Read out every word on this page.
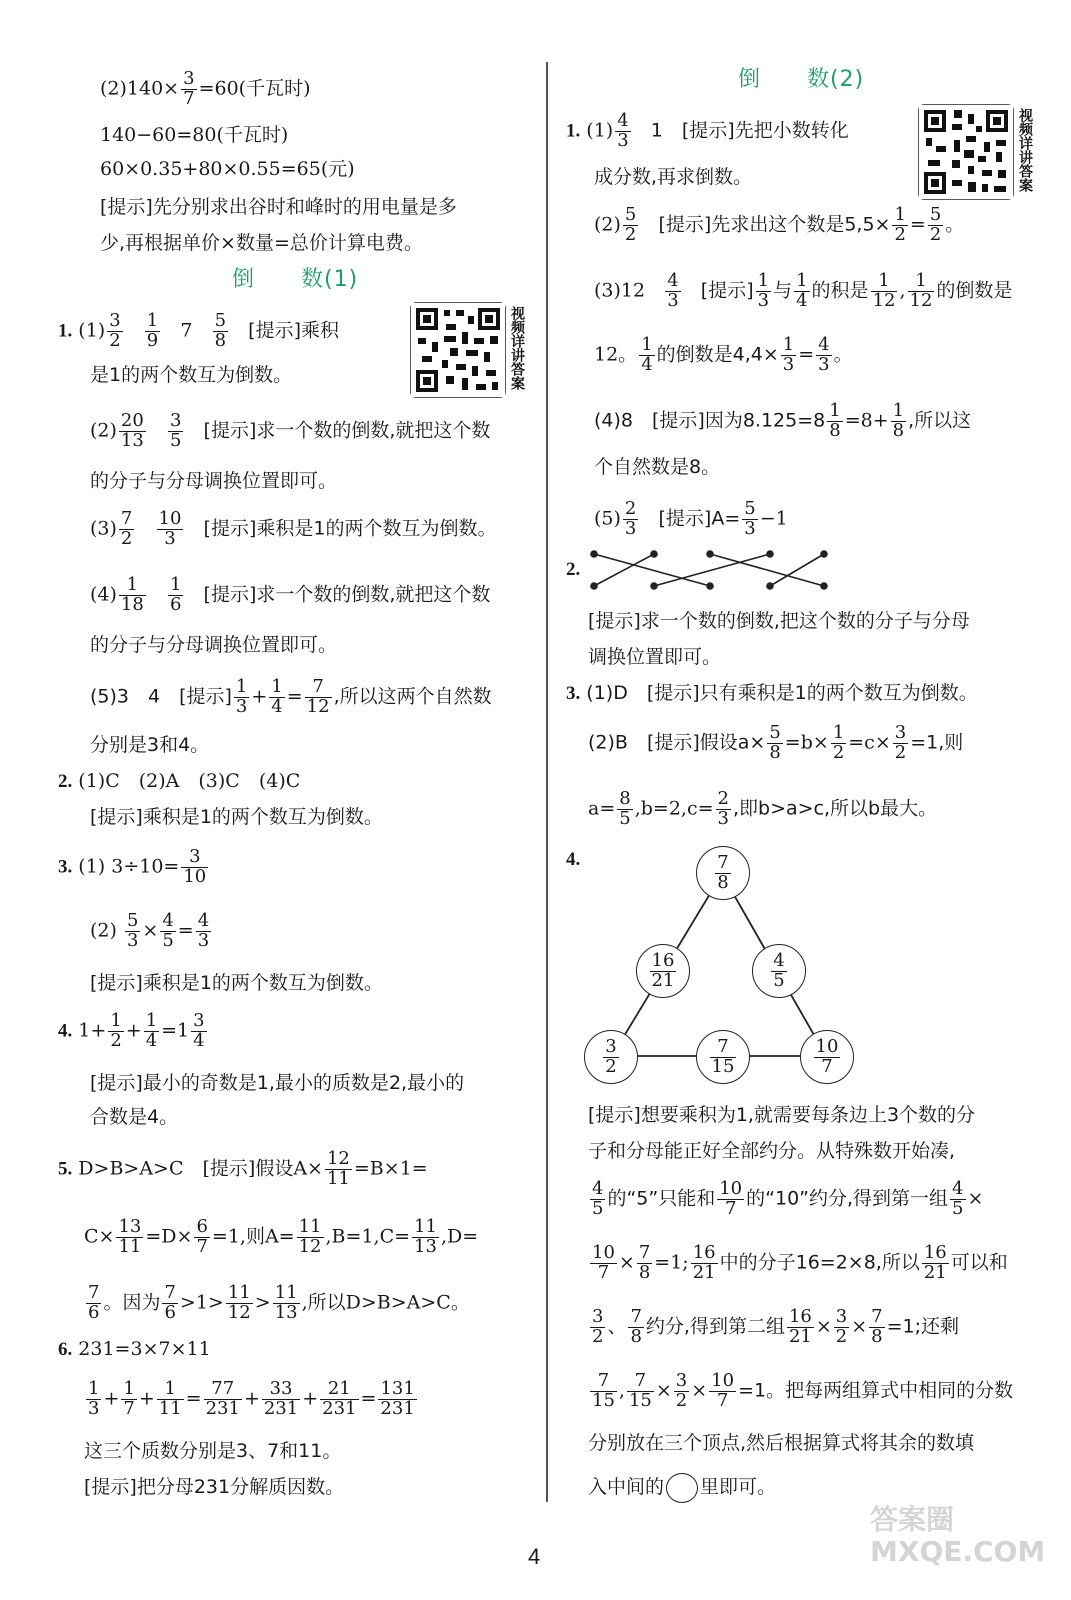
$(2)140\times \frac{3}{7} =60$(千瓦时)
140−60=80(千瓦时)
60×0.35+80×0.55=65(元)
[提示]先分别求出谷时和峰时的用电量是多
少,再根据单价×数量=总价计算电费。
倒　　数(1)
视频详讲答案
1. $(1) \frac{3}{2}$
$\frac{1}{9} 7 \frac{5}{8}$ [提示]乘积
是1的两个数互为倒数。
$(2) \frac{20}{13}$
$\frac{3}{5}$ [提示]求一个数的倒数,就把这个数
的分子与分母调换位置即可。
$(3) \frac{7}{2}$
$\frac{10}{3}$ [提示]乘积是1的两个数互为倒数。
$(4) \frac{1}{18}$
$\frac{1}{6}$ [提示]求一个数的倒数,就把这个数
的分子与分母调换位置即可。
(5)3　4　[提示] $\frac{1}{3} + \frac{1}{4} = \frac{7}{12}$ ,所以这两个自然数
分别是3和4。
2. (1)C　(2)A　(3)C　(4)C
[提示]乘积是1的两个数互为倒数。
3. (1) $3\div 10= \frac{3}{10}$
$(2) \frac{5}{3} \times \frac{4}{5} = \frac{4}{3}$
[提示]乘积是1的两个数互为倒数。
4. $1+ \frac{1}{2} + \frac{1}{4} =1 \frac{3}{4}$
[提示]最小的奇数是1,最小的质数是2,最小的
合数是4。
5. D>B>A>C　[提示]假设$A\times \frac{12}{11} =B\times 1=$
$C\times \frac{13}{11} =D\times \frac{6}{7} =1$,则$A= \frac{11}{12} ,B=1,C= \frac{11}{13} ,D=$
$\frac{7}{6}$ 。因为 $\frac{7}{6} >1> \frac{11}{12} > \frac{11}{13}$ ,所以D>B>A>C。
6. 231=3×7×11
$\frac{1}{3} + \frac{1}{7} + \frac{1}{11} = \frac{77}{231} + \frac{33}{231} + \frac{21}{231} = \frac{131}{231}$
这三个质数分别是3、7和11。
[提示]把分母231分解质因数。
倒　　数(2)
视频详讲答案
1. $(1) \frac{4}{3} 1$　[提示]先把小数转化
成分数,再求倒数。
$(2) \frac{5}{2}$ [提示]先求出这个数是$5,5\times \frac{1}{2} = \frac{5}{2}$ 。
$(3)12 \frac{4}{3}$ [提示] $\frac{1}{3}$ 与 $\frac{1}{4}$ 的积是 $\frac{1}{12}$ , $\frac{1}{12}$ 的倒数是
12。 $\frac{1}{4}$ 的倒数是$4,4\times \frac{1}{3} = \frac{4}{3}$ 。
(4)8　[提示]因为$8.125=8 \frac{1}{8} =8+ \frac{1}{8}$ ,所以这
个自然数是8。
$(5) \frac{2}{3}$ [提示]$A= \frac{5}{3} -1$
2.
[提示]求一个数的倒数,把这个数的分子与分母
调换位置即可。
3. (1)D　[提示]只有乘积是1的两个数互为倒数。
(2)B　[提示]假设$a\times \frac{5}{8} =b\times \frac{1}{2} =c\times \frac{3}{2} =1$,则
$a= \frac{8}{5} ,b=2,c= \frac{2}{3}$ ,即b>a>c,所以b最大。
4.	$\frac{7}{8}$
$\frac{16}{21}$	$\frac{4}{5}$
$\frac{3}{2}$	$\frac{7}{15}$	$\frac{10}{7}$
[提示]想要乘积为1,就需要每条边上3个数的分
子和分母能正好全部约分。从特殊数开始凑,
$\frac{4}{5}$ 的“5”只能和 $\frac{10}{7}$ 的“10”约分,得到第一组 $\frac{4}{5}$ ×
$\frac{10}{7} \times \frac{7}{8} =1$; $\frac{16}{21}$ 中的分子16=2×8,所以 $\frac{16}{21}$ 可以和
$\frac{3}{2}$ 、 $\frac{7}{8}$ 约分,得到第二组 $\frac{16}{21} \times \frac{3}{2} \times \frac{7}{8} =1$;还剩
$\frac{7}{15}$ , $\frac{7}{15} \times \frac{3}{2} \times \frac{10}{7} =1$。把每两组算式中相同的分数
分别放在三个顶点,然后根据算式将其余的数填
入中间的 里即可。
4
答案圈 MXQE.COM
